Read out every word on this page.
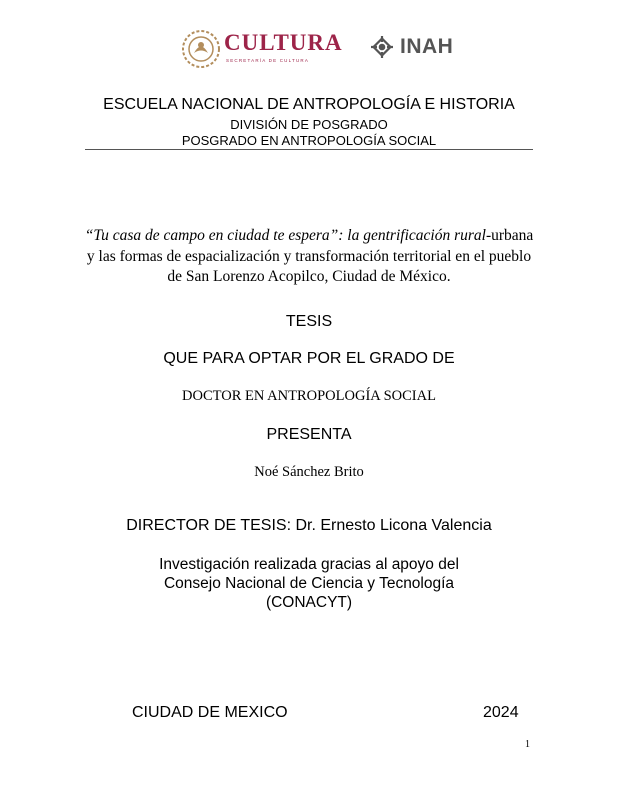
CULTURA
SECRETARÍA DE CULTURA
INAH
ESCUELA NACIONAL DE ANTROPOLOGÍA E HISTORIA
DIVISIÓN DE POSGRADO
POSGRADO EN ANTROPOLOGÍA SOCIAL
“Tu casa de campo en ciudad te espera”: la gentrificación rural-urbana y las formas de espacialización y transformación territorial en el pueblo de San Lorenzo Acopilco, Ciudad de México.
TESIS
QUE PARA OPTAR POR EL GRADO DE
DOCTOR EN ANTROPOLOGÍA SOCIAL
PRESENTA
Noé Sánchez Brito
DIRECTOR DE TESIS: Dr. Ernesto Licona Valencia
Investigación realizada gracias al apoyo del
Consejo Nacional de Ciencia y Tecnología
(CONACYT)
CIUDAD DE MEXICO	2024
1
